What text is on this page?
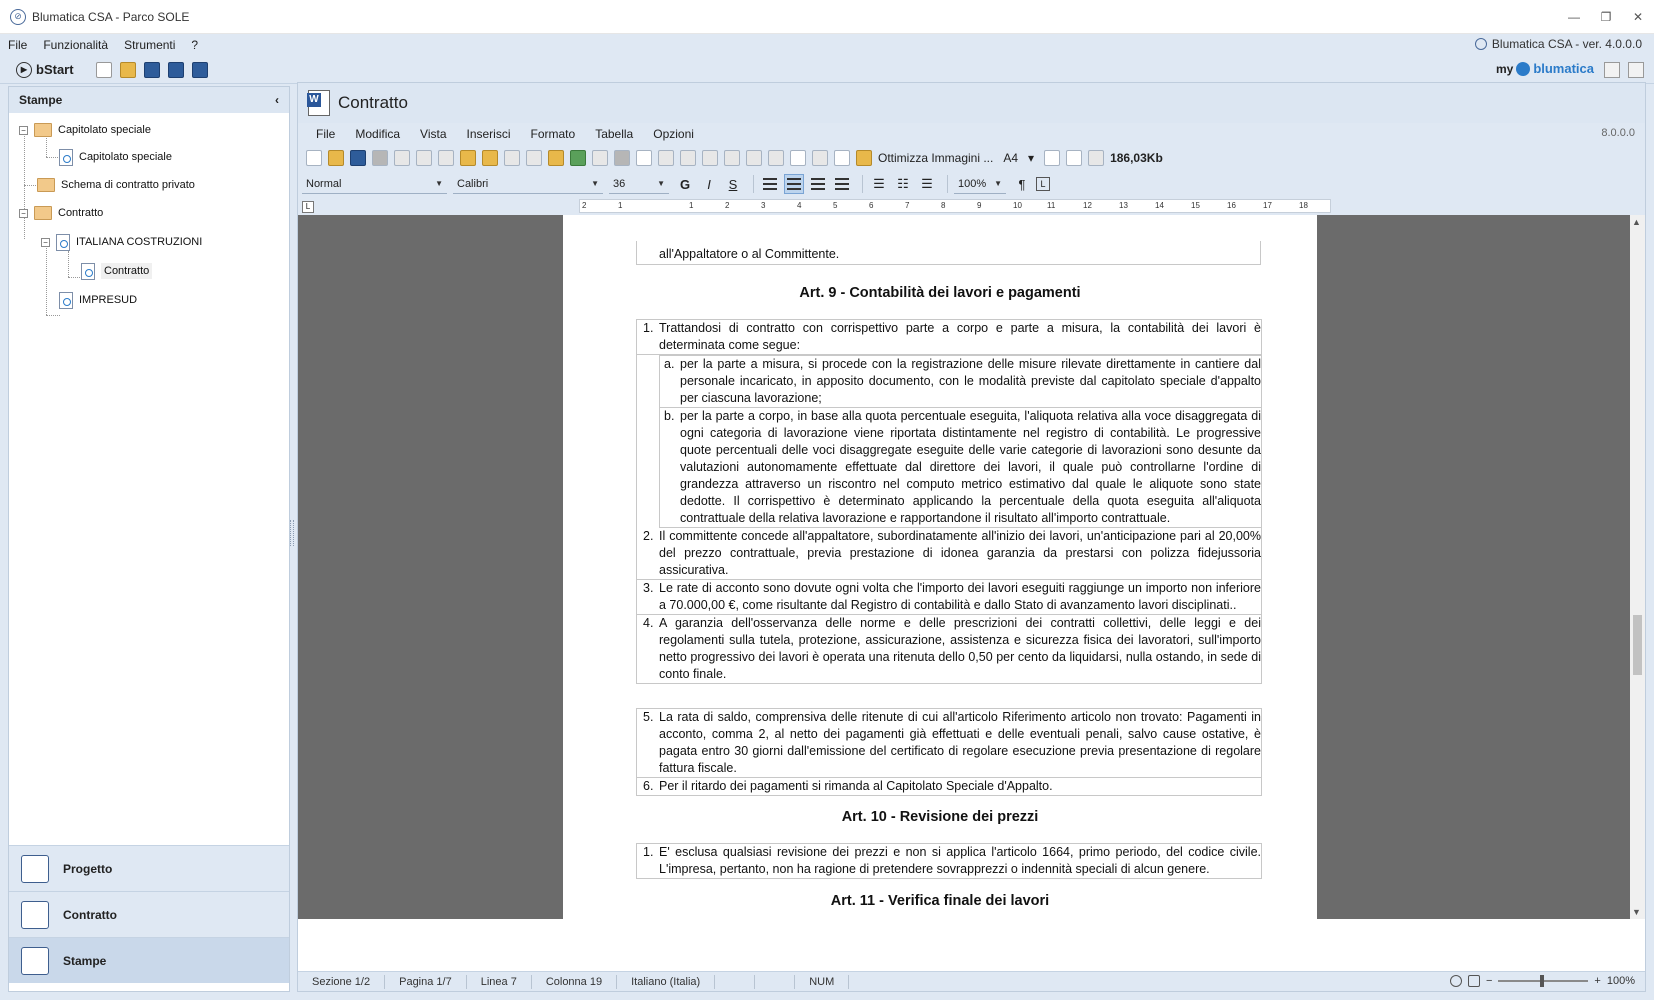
⊘ Blumatica CSA - Parco SOLE	—	❐	✕
File	Funzionalità	Strumenti	?	Blumatica CSA - ver. 4.0.0.0
▶ bStart	my blumatica
Stampe	‹
−	Capitolato speciale
Capitolato speciale
Schema di contratto privato
−	Contratto
−	ITALIANA COSTRUZIONI
Contratto
IMPRESUD
Progetto
Contratto
Stampe
W
Contratto
File	Modifica	Vista	Inserisci	Formato	Tabella	Opzioni	8.0.0.0
Ottimizza Immagini ... A4 ▾	186,03Kb
Normal	▼ Calibri	▼ 36	▼	G	I	S	☰ ☷ ☰	100% ▼	¶	L
L	2	1	1	2	3	4	5	6	7	8	9	10	11	12	13	14	15	16	17	18
all'Appaltatore o al Committente.
Art. 9 - Contabilità dei lavori e pagamenti
1. Trattandosi di contratto con corrispettivo parte a corpo e parte a misura, la contabilità dei lavori è determinata come segue:
a. per la parte a misura, si procede con la registrazione delle misure rilevate direttamente in cantiere dal personale incaricato, in apposito documento, con le modalità previste dal capitolato speciale d'appalto per ciascuna lavorazione;
b. per la parte a corpo, in base alla quota percentuale eseguita, l'aliquota relativa alla voce disaggregata di ogni categoria di lavorazione viene riportata distintamente nel registro di contabilità. Le progressive quote percentuali delle voci disaggregate eseguite delle varie categorie di lavorazioni sono desunte da valutazioni autonomamente effettuate dal direttore dei lavori, il quale può controllarne l'ordine di grandezza attraverso un riscontro nel computo metrico estimativo dal quale le aliquote sono state dedotte. Il corrispettivo è determinato applicando la percentuale della quota eseguita all'aliquota contrattuale della relativa lavorazione e rapportandone il risultato all'importo contrattuale.
2. Il committente concede all'appaltatore, subordinatamente all'inizio dei lavori, un'anticipazione pari al 20,00% del prezzo contrattuale, previa prestazione di idonea garanzia da prestarsi con polizza fidejussoria assicurativa.
3. Le rate di acconto sono dovute ogni volta che l'importo dei lavori eseguiti raggiunge un importo non inferiore a 70.000,00 €, come risultante dal Registro di contabilità e dallo Stato di avanzamento lavori disciplinati..
4. A garanzia dell'osservanza delle norme e delle prescrizioni dei contratti collettivi, delle leggi e dei regolamenti sulla tutela, protezione, assicurazione, assistenza e sicurezza fisica dei lavoratori, sull'importo netto progressivo dei lavori è operata una ritenuta dello 0,50 per cento da liquidarsi, nulla ostando, in sede di conto finale.
5. La rata di saldo, comprensiva delle ritenute di cui all'articolo Riferimento articolo non trovato: Pagamenti in acconto, comma 2, al netto dei pagamenti già effettuati e delle eventuali penali, salvo cause ostative, è pagata entro 30 giorni dall'emissione del certificato di regolare esecuzione previa presentazione di regolare fattura fiscale.
6. Per il ritardo dei pagamenti si rimanda al Capitolato Speciale d'Appalto.
Art. 10 - Revisione dei prezzi
1. E' esclusa qualsiasi revisione dei prezzi e non si applica l'articolo 1664, primo periodo, del codice civile. L'impresa, pertanto, non ha ragione di pretendere sovrapprezzi o indennità speciali di alcun genere.
Art. 11 - Verifica finale dei lavori
▲
▼
Sezione 1/2	Pagina 1/7	Linea 7	Colonna 19	Italiano (Italia)	NUM	−	+ 100%
